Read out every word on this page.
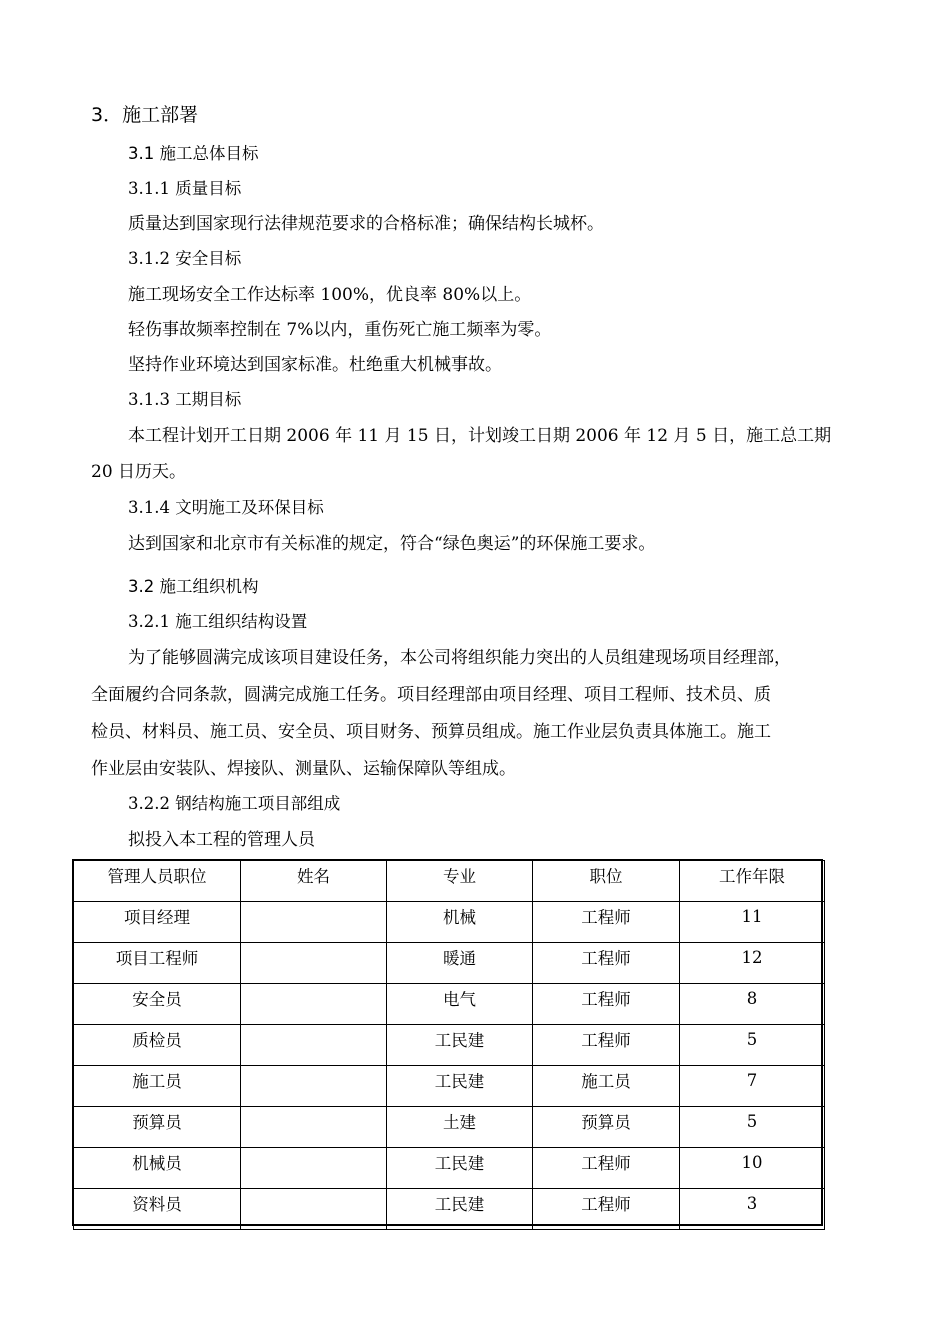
3．施工部署
3.1 施工总体目标
3.1.1 质量目标
质量达到国家现行法律规范要求的合格标准；确保结构长城杯。
3.1.2 安全目标
施工现场安全工作达标率 100%，优良率 80%以上。
轻伤事故频率控制在 7%以内，重伤死亡施工频率为零。
坚持作业环境达到国家标准。杜绝重大机械事故。
3.1.3 工期目标
本工程计划开工日期 2006 年 11 月 15 日，计划竣工日期 2006 年 12 月 5 日，施工总工期
20 日历天。
3.1.4 文明施工及环保目标
达到国家和北京市有关标准的规定，符合“绿色奥运”的环保施工要求。
3.2 施工组织机构
3.2.1 施工组织结构设置
为了能够圆满完成该项目建设任务，本公司将组织能力突出的人员组建现场项目经理部，
全面履约合同条款，圆满完成施工任务。项目经理部由项目经理、项目工程师、技术员、质
检员、材料员、施工员、安全员、项目财务、预算员组成。施工作业层负责具体施工。施工
作业层由安装队、焊接队、测量队、运输保障队等组成。
3.2.2 钢结构施工项目部组成
拟投入本工程的管理人员
管理人员职位	姓名	专业	职位	工作年限
项目经理		机械	工程师	11
项目工程师		暖通	工程师	12
安全员		电气	工程师	8
质检员		工民建	工程师	5
施工员		工民建	施工员	7
预算员		土建	预算员	5
机械员		工民建	工程师	10
资料员		工民建	工程师	3
